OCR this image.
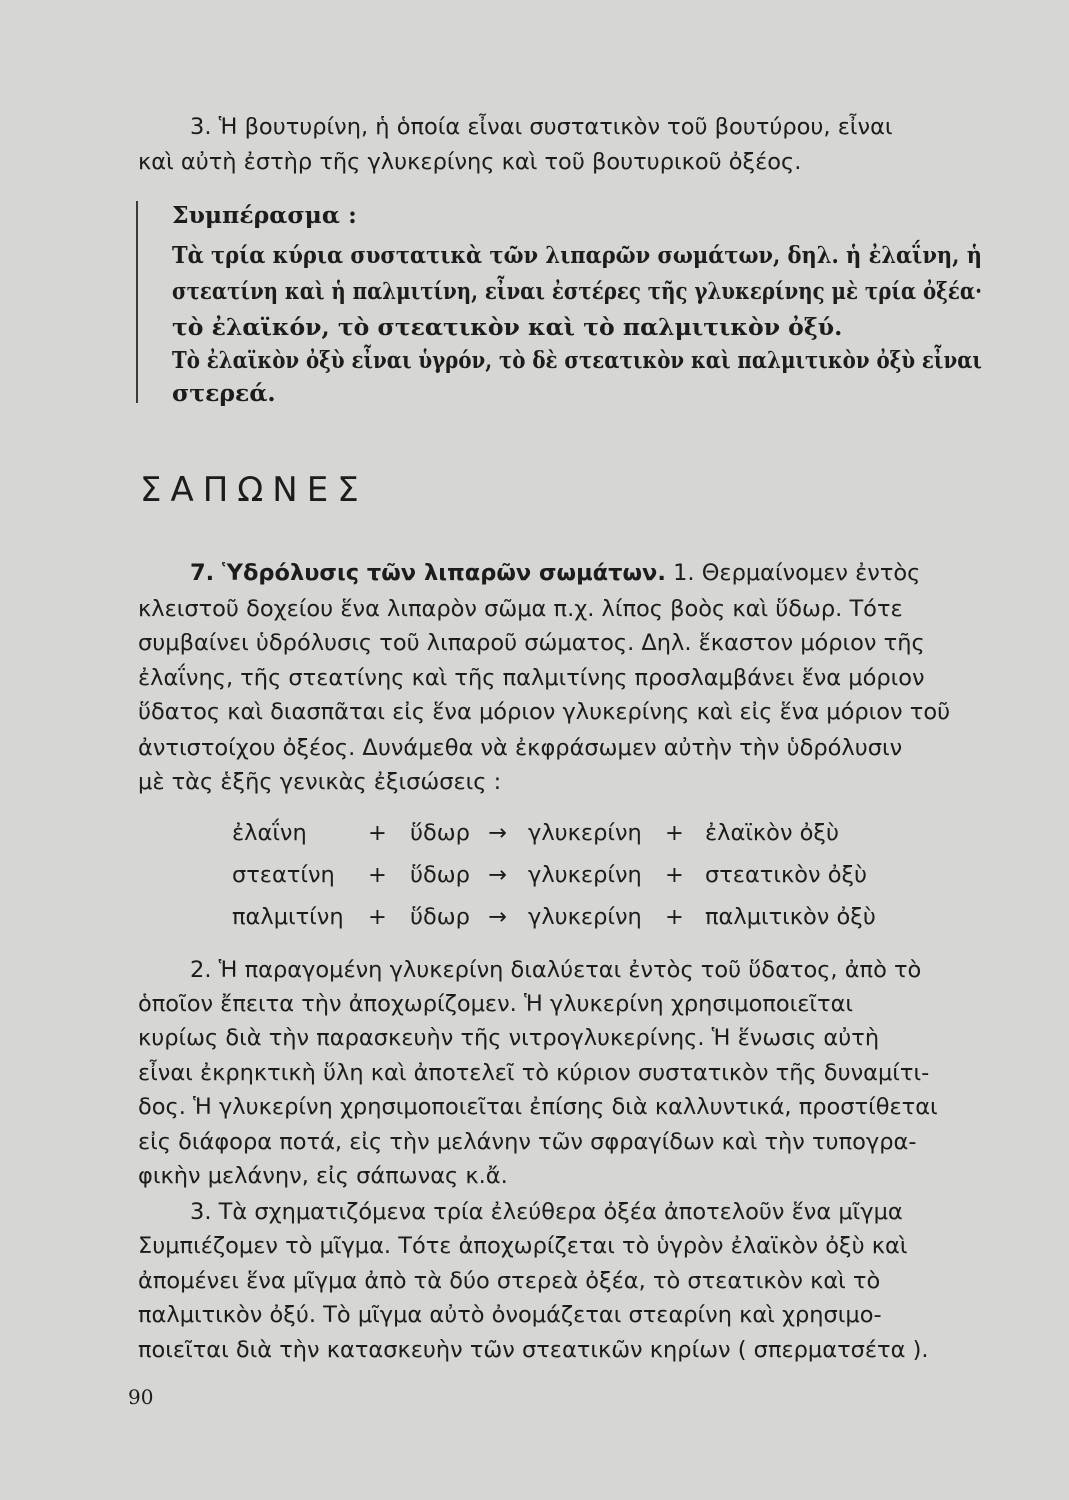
3. Ἡ βουτυρίνη, ἡ ὁποία εἶναι συστατικὸν τοῦ βουτύρου, εἶναι
καὶ αὐτὴ ἐστὴρ τῆς γλυκερίνης καὶ τοῦ βουτυρικοῦ ὀξέος.
Συμπέρασμα :
Τὰ τρία κύρια συστατικὰ τῶν λιπαρῶν σωμάτων, δηλ. ἡ ἐλαΐνη, ἡ
στεατίνη καὶ ἡ παλμιτίνη, εἶναι ἐστέρες τῆς γλυκερίνης μὲ τρία ὀξέα·
τὸ ἐλαϊκόν, τὸ στεατικὸν καὶ τὸ παλμιτικὸν ὀξύ.
Τὸ ἐλαϊκὸν ὀξὺ εἶναι ὑγρόν, τὸ δὲ στεατικὸν καὶ παλμιτικὸν ὀξὺ εἶναι
στερεά.
ΣΑΠΩΝΕΣ
7. Ὑδρόλυσις τῶν λιπαρῶν σωμάτων. 1. Θερμαίνομεν ἐντὸς
κλειστοῦ δοχείου ἕνα λιπαρὸν σῶμα π.χ. λίπος βοὸς καὶ ὕδωρ. Τότε
συμβαίνει ὑδρόλυσις τοῦ λιπαροῦ σώματος. Δηλ. ἕκαστον μόριον τῆς
ἐλαΐνης, τῆς στεατίνης καὶ τῆς παλμιτίνης προσλαμβάνει ἕνα μόριον
ὕδατος καὶ διασπᾶται εἰς ἕνα μόριον γλυκερίνης καὶ εἰς ἕνα μόριον τοῦ
ἀντιστοίχου ὀξέος. Δυνάμεθα νὰ ἐκφράσωμεν αὐτὴν τὴν ὑδρόλυσιν
μὲ τὰς ἑξῆς γενικὰς ἐξισώσεις :
ἐλαΐνη	+ ὕδωρ → γλυκερίνη + ἐλαϊκὸν ὀξὺ
στεατίνη + ὕδωρ → γλυκερίνη + στεατικὸν ὀξὺ
παλμιτίνη + ὕδωρ → γλυκερίνη + παλμιτικὸν ὀξὺ
2. Ἡ παραγομένη γλυκερίνη διαλύεται ἐντὸς τοῦ ὕδατος, ἀπὸ τὸ
ὁποῖον ἔπειτα τὴν ἀποχωρίζομεν. Ἡ γλυκερίνη χρησιμοποιεῖται
κυρίως διὰ τὴν παρασκευὴν τῆς νιτρογλυκερίνης. Ἡ ἕνωσις αὐτὴ
εἶναι ἐκρηκτικὴ ὕλη καὶ ἀποτελεῖ τὸ κύριον συστατικὸν τῆς δυναμίτι-
δος. Ἡ γλυκερίνη χρησιμοποιεῖται ἐπίσης διὰ καλλυντικά, προστίθεται
εἰς διάφορα ποτά, εἰς τὴν μελάνην τῶν σφραγίδων καὶ τὴν τυπογρα-
φικὴν μελάνην, εἰς σάπωνας κ.ἄ.
3. Τὰ σχηματιζόμενα τρία ἐλεύθερα ὀξέα ἀποτελοῦν ἕνα μῖγμα
Συμπιέζομεν τὸ μῖγμα. Τότε ἀποχωρίζεται τὸ ὑγρὸν ἐλαϊκὸν ὀξὺ καὶ
ἀπομένει ἕνα μῖγμα ἀπὸ τὰ δύο στερεὰ ὀξέα, τὸ στεατικὸν καὶ τὸ
παλμιτικὸν ὀξύ. Τὸ μῖγμα αὐτὸ ὀνομάζεται στεαρίνη καὶ χρησιμο-
ποιεῖται διὰ τὴν κατασκευὴν τῶν στεατικῶν κηρίων ( σπερματσέτα ).
90
